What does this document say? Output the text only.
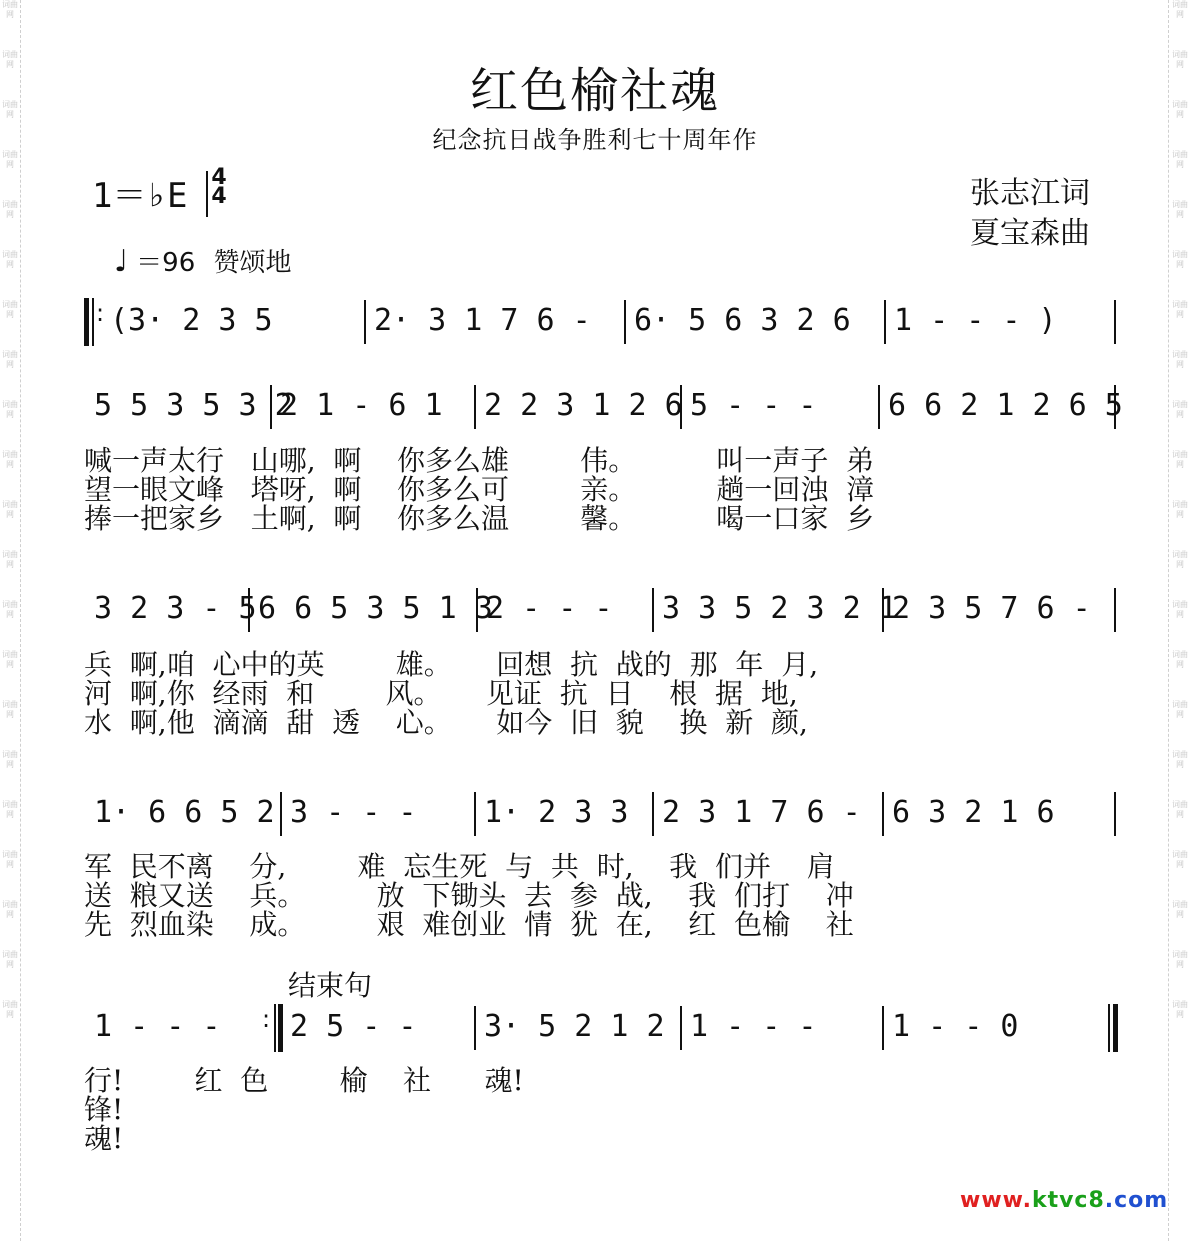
词曲网
词曲网
词曲网
词曲网
词曲网
词曲网
词曲网
词曲网
词曲网
词曲网
词曲网
词曲网
词曲网
词曲网
词曲网
词曲网
词曲网
词曲网
词曲网
词曲网
词曲网
词曲网
词曲网
词曲网
词曲网
词曲网
词曲网
词曲网
词曲网
词曲网
词曲网
词曲网
词曲网
词曲网
词曲网
词曲网
词曲网
词曲网
词曲网
词曲网
词曲网
词曲网
红色榆社魂
纪念抗日战争胜利七十周年作
1＝♭E 4
4	张志江词
夏宝森曲
♩ ＝96 赞颂地
: (3· 2 3 5	2· 3 1 7 6 -	6· 5 6 3 2 6	1 - - - )
5 5 3 5 3 2
2 1 - 6 1	2 2 3 1 2 6 5 - - -	6 6 2 1 2 6 5
3 2 3 - 5 6 6 5 3 5 1 3
2 - - -	3 3 5 2 3 2 1
2 3 5 7 6 -
1· 6 6 5 2 3 - - -	1· 2 3 3	2 3 1 7 6 -	6 3 2 1 6
:
1 - - -	2 5 - -	3· 5 2 1 2 1 - - -	1 - - 0
结束句
www.ktvc8.com
喊一声太行   山哪,  啊    你多么雄        伟。         叫一声子  弟
望一眼文峰   塔呀,  啊    你多么可        亲。         趟一回浊  漳
捧一把家乡   土啊,  啊    你多么温        馨。         喝一口家  乡
兵  啊,咱  心中的英        雄。     回想  抗  战的  那  年  月,
河  啊,你  经雨  和        风。     见证  抗  日    根  据  地,
水  啊,他  滴滴  甜  透    心。     如今  旧  貌    换  新  颜,
军  民不离    分,        难  忘生死  与  共  时,    我  们并    肩
送  粮又送    兵。        放  下锄头  去  参  战,    我  们打    冲
先  烈血染    成。        艰  难创业  情  犹  在,    红  色榆    社
行!        红  色        榆    社      魂!
锋!
魂!
